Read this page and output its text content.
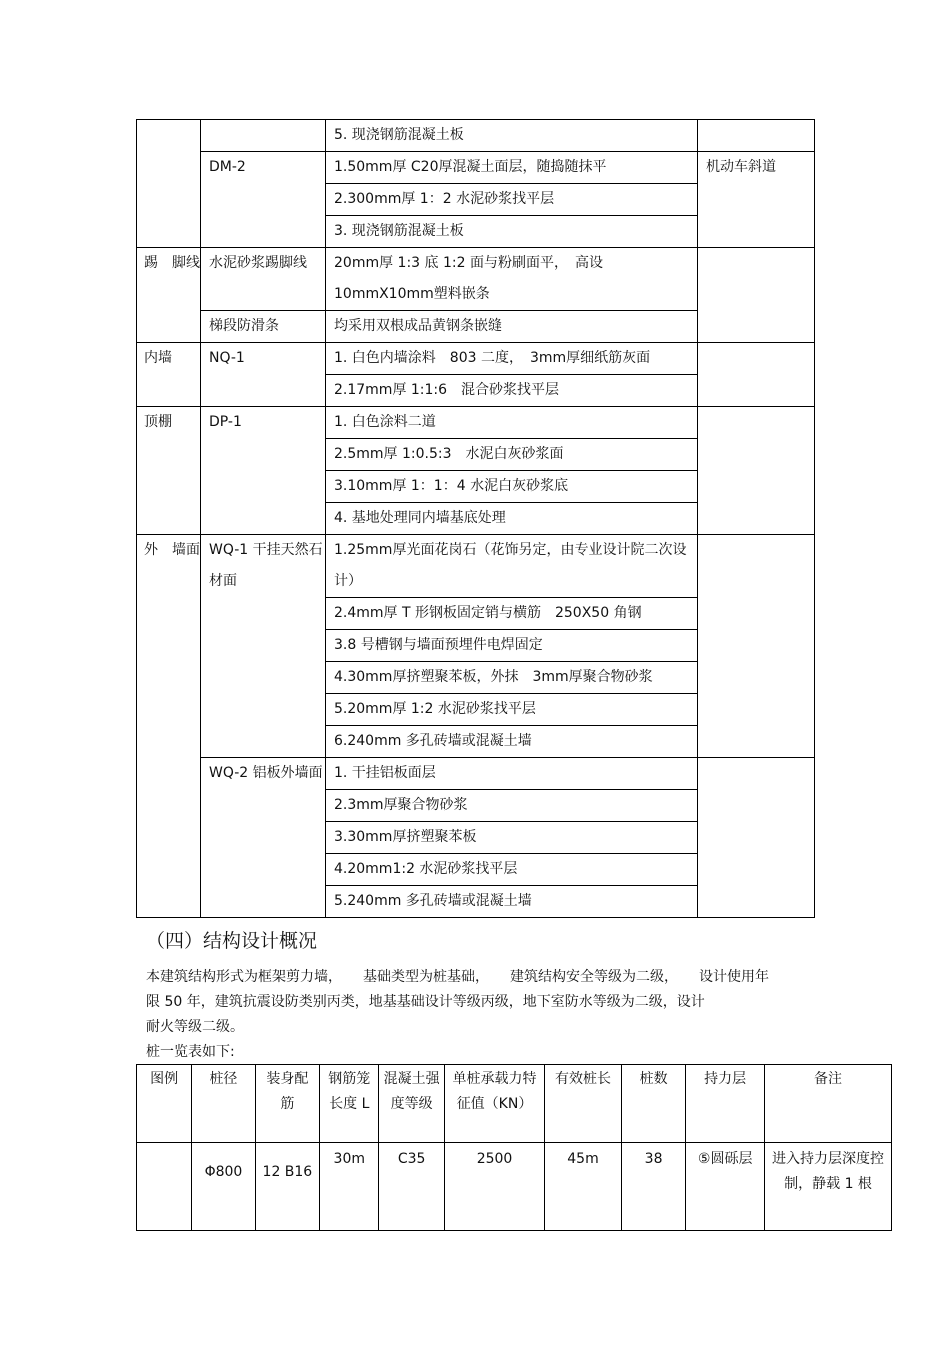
		5. 现浇钢筋混凝土板	
	DM-2	1.50mm厚 C20厚混凝土面层，随捣随抹平	机动车斜道
		2.300mm厚 1：2 水泥砂浆找平层	
		3. 现浇钢筋混凝土板	
踢　脚线	水泥砂浆踢脚线	20mm厚 1:3 底 1:2 面与粉刷面平，　高设 10mmX10mm塑料嵌条	
	梯段防滑条	均采用双根成品黄钢条嵌缝	
内墙	NQ-1	1. 白色内墙涂料　803 二度，　3mm厚细纸筋灰面	
		2.17mm厚 1:1:6　混合砂浆找平层	
顶棚	DP-1	1. 白色涂料二道	
		2.5mm厚 1:0.5:3　水泥白灰砂浆面	
		3.10mm厚 1：1：4 水泥白灰砂浆底	
		4. 基地处理同内墙基底处理	
外　墙面	WQ-1 干挂天然石材面	1.25mm厚光面花岗石（花饰另定，由专业设计院二次设计）	
		2.4mm厚 T 形钢板固定销与横筋　250X50 角钢	
		3.8 号槽钢与墙面预埋件电焊固定	
		4.30mm厚挤塑聚苯板，外抹　3mm厚聚合物砂浆	
		5.20mm厚 1:2 水泥砂浆找平层	
		6.240mm 多孔砖墙或混凝土墙	
	WQ-2 铝板外墙面	1. 干挂铝板面层	
		2.3mm厚聚合物砂浆	
		3.30mm厚挤塑聚苯板	
		4.20mm1:2 水泥砂浆找平层	
		5.240mm 多孔砖墙或混凝土墙	
（四）结构设计概况
本建筑结构形式为框架剪力墙，　　基础类型为桩基础，　　建筑结构安全等级为二级，　　设计使用年
限 50 年，建筑抗震设防类别丙类，地基基础设计等级丙级，地下室防水等级为二级，设计
耐火等级二级。
桩一览表如下:
图例	桩径	装身配筋	钢筋笼长度 L	混凝土强度等级	单桩承载力特征值（KN）	有效桩长	桩数	持力层	备注
	Φ800	12 B16	30m	C35	2500	45m	38	⑤圆砾层	进入持力层深度控制，静载 1 根
